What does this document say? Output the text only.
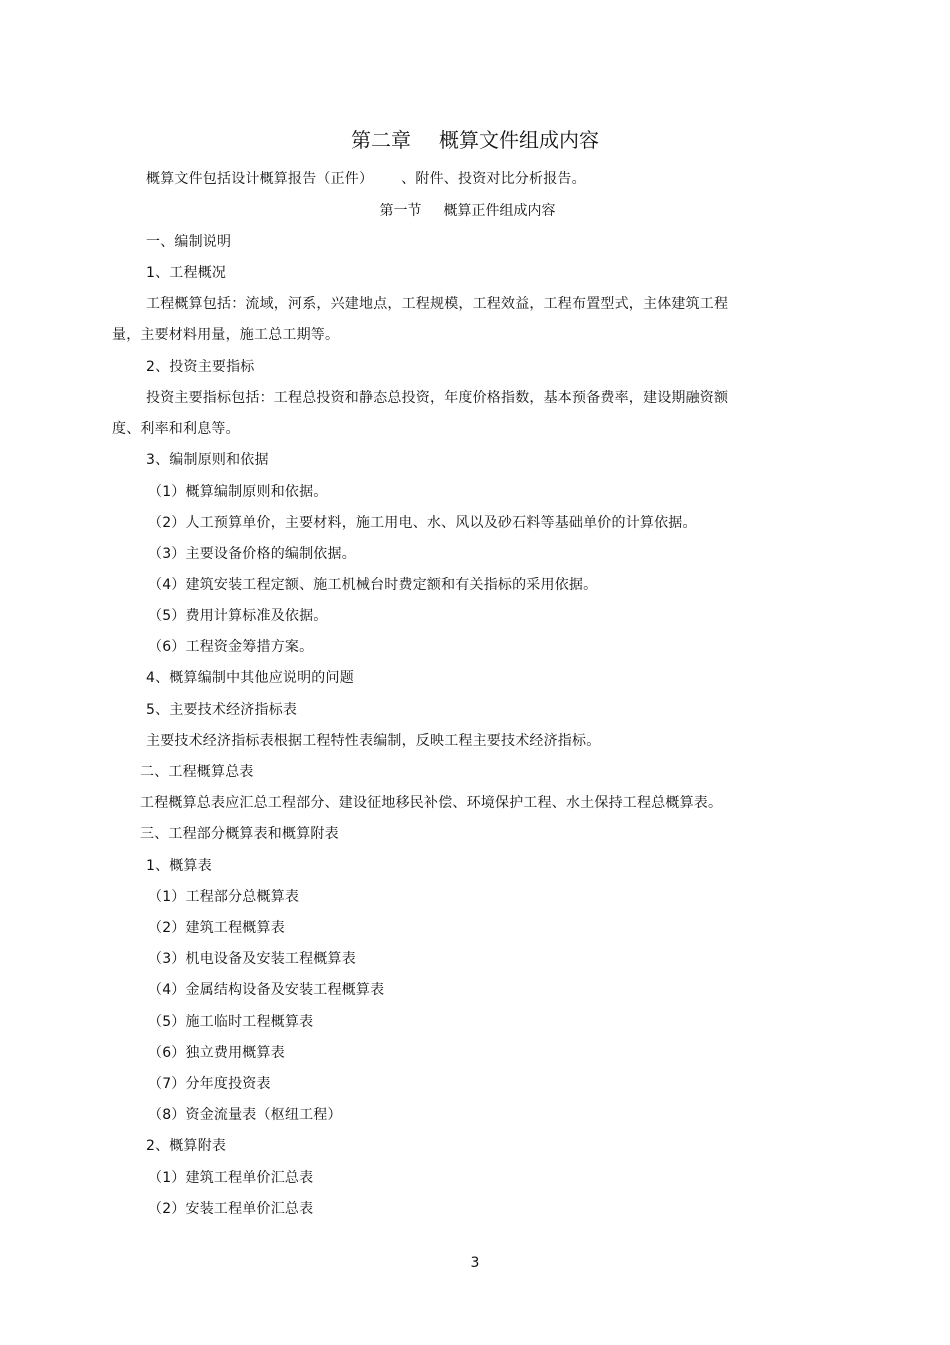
第二章 概算文件组成内容
概算文件包括设计概算报告（正件） 、附件、投资对比分析报告。
第一节 概算正件组成内容
一、编制说明
1、工程概况
工程概算包括：流域，河系，兴建地点，工程规模，工程效益，工程布置型式，主体建筑工程
量，主要材料用量，施工总工期等。
2、投资主要指标
投资主要指标包括：工程总投资和静态总投资，年度价格指数，基本预备费率，建设期融资额
度、利率和利息等。
3、编制原则和依据
（1）概算编制原则和依据。
（2）人工预算单价，主要材料，施工用电、水、风以及砂石料等基础单价的计算依据。
（3）主要设备价格的编制依据。
（4）建筑安装工程定额、施工机械台时费定额和有关指标的采用依据。
（5）费用计算标准及依据。
（6）工程资金筹措方案。
4、概算编制中其他应说明的问题
5、主要技术经济指标表
主要技术经济指标表根据工程特性表编制，反映工程主要技术经济指标。
二、工程概算总表
工程概算总表应汇总工程部分、建设征地移民补偿、环境保护工程、水土保持工程总概算表。
三、工程部分概算表和概算附表
1、概算表
（1）工程部分总概算表
（2）建筑工程概算表
（3）机电设备及安装工程概算表
（4）金属结构设备及安装工程概算表
（5）施工临时工程概算表
（6）独立费用概算表
（7）分年度投资表
（8）资金流量表（枢纽工程）
2、概算附表
（1）建筑工程单价汇总表
（2）安装工程单价汇总表
3
